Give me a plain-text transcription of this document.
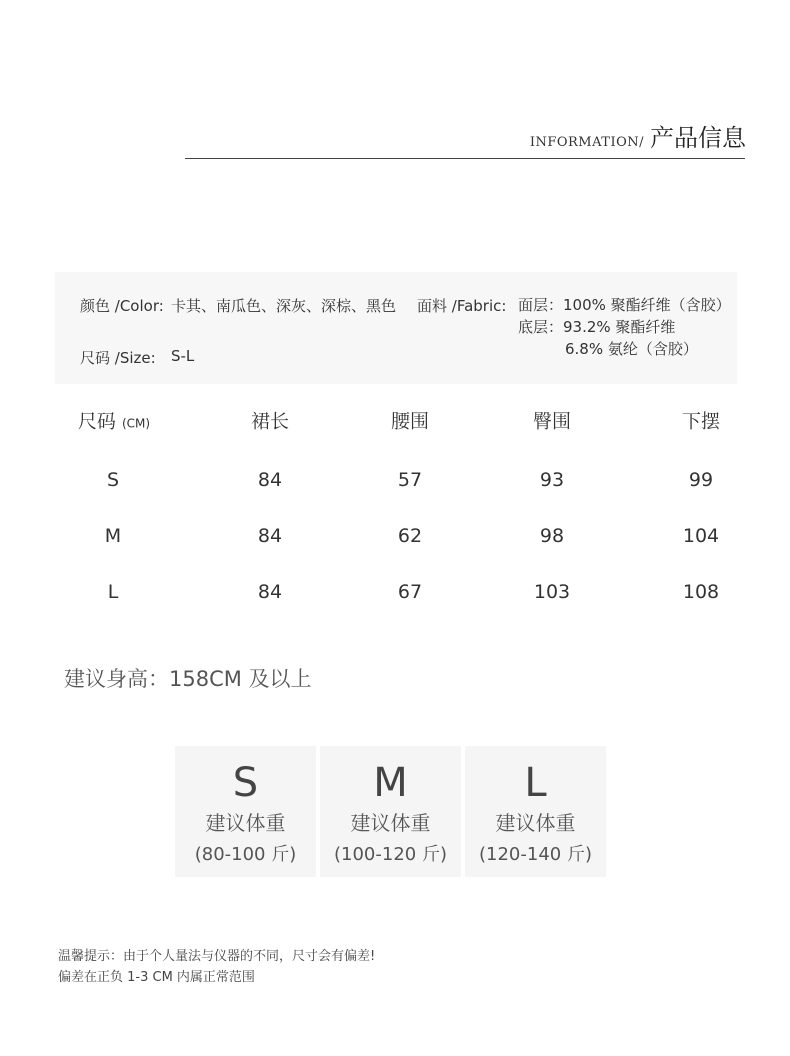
INFORMATION/ 产品信息
颜色 /Color: 卡其、南瓜色、深灰、深棕、黑色 面料 /Fabric: 面层：100% 聚酯纤维（含胶）
底层：93.2% 聚酯纤维
6.8% 氨纶（含胶）
尺码 /Size: S-L
尺码 (CM)	裙长	腰围	臀围	下摆
S	84	57	93	99
M	84	62	98	104
L	84	67	103	108
建议身高：158CM 及以上
S
建议体重
(80-100 斤)
M
建议体重
(100-120 斤)
L
建议体重
(120-140 斤)
温馨提示：由于个人量法与仪器的不同，尺寸会有偏差!
偏差在正负 1-3 CM 内属正常范围
